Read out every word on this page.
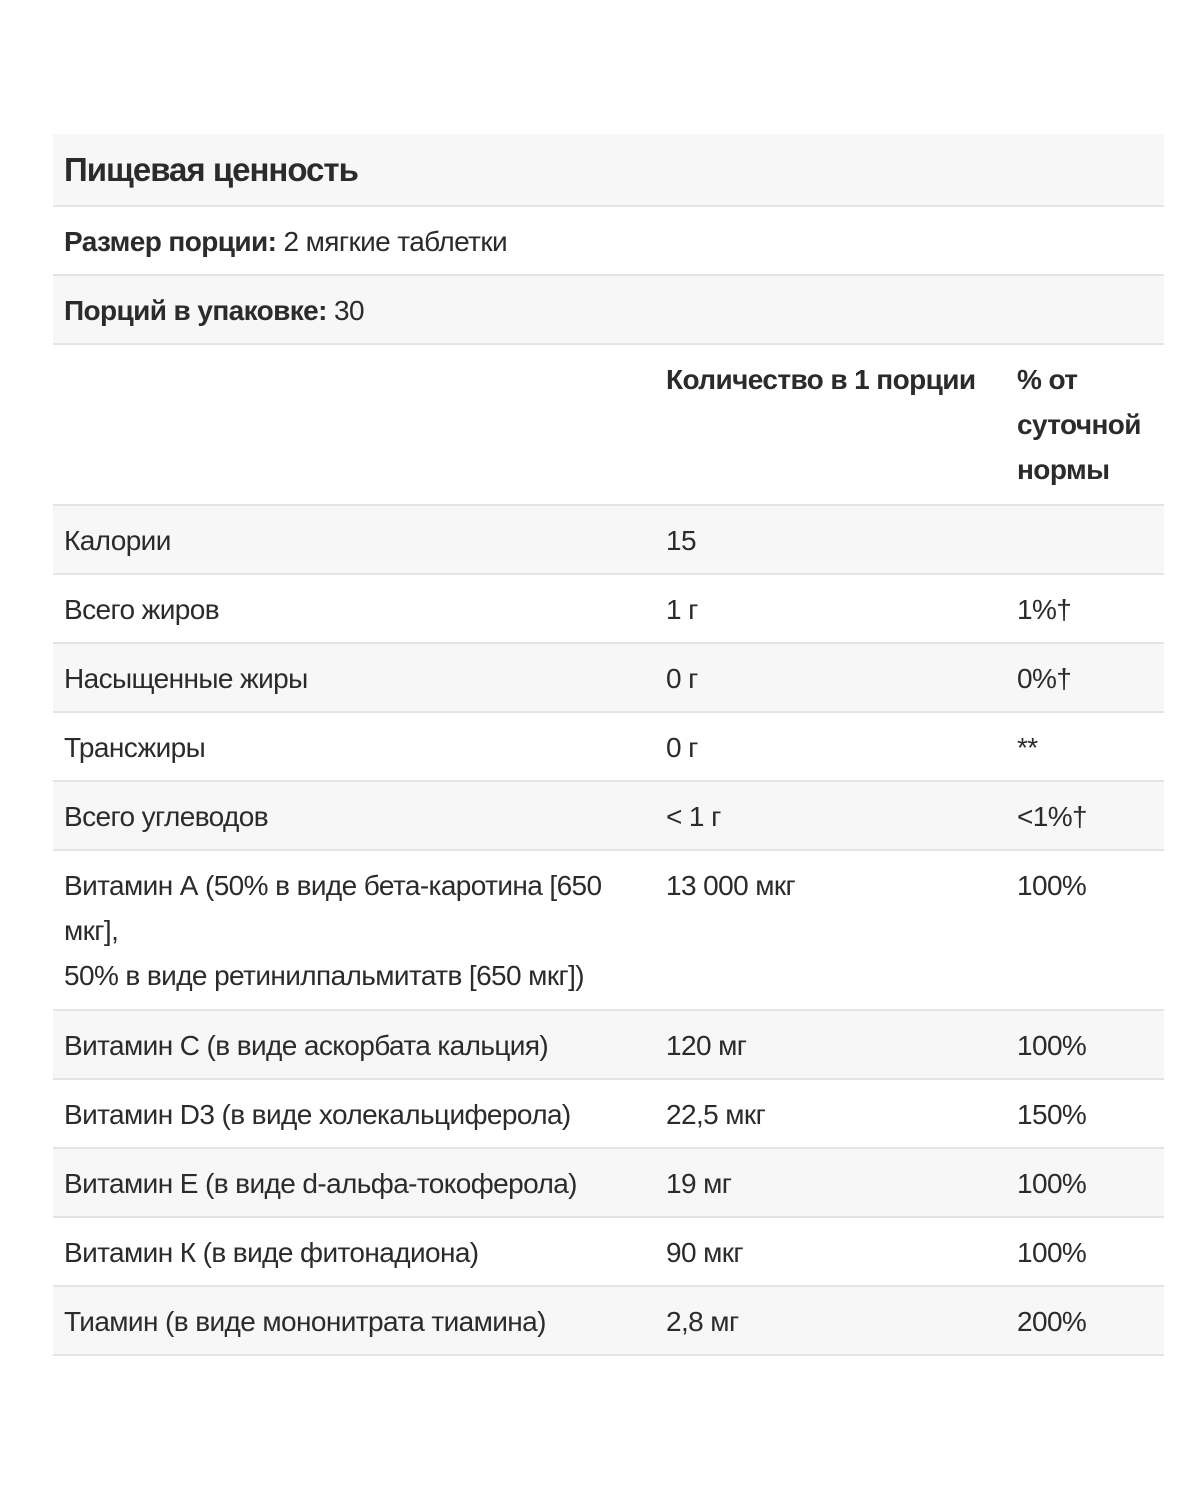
Пищевая ценность		
Размер порции: 2 мягкие таблетки		
Порций в упаковке: 30		
	Количество в 1 порции	% от суточной нормы
Калории	15	
Всего жиров	1 г	1%†
Насыщенные жиры	0 г	0%†
Трансжиры	0 г	**
Всего углеводов	< 1 г	<1%†
Витамин А (50% в виде бета-каротина [650 мкг],
50% в виде ретинилпальмитатв [650 мкг])	13 000 мкг	100%
Витамин С (в виде аскорбата кальция)	120 мг	100%
Витамин D3 (в виде холекальциферола)	22,5 мкг	150%
Витамин Е (в виде d-альфа-токоферола)	19 мг	100%
Витамин К (в виде фитонадиона)	90 мкг	100%
Тиамин (в виде мононитрата тиамина)	2,8 мг	200%
